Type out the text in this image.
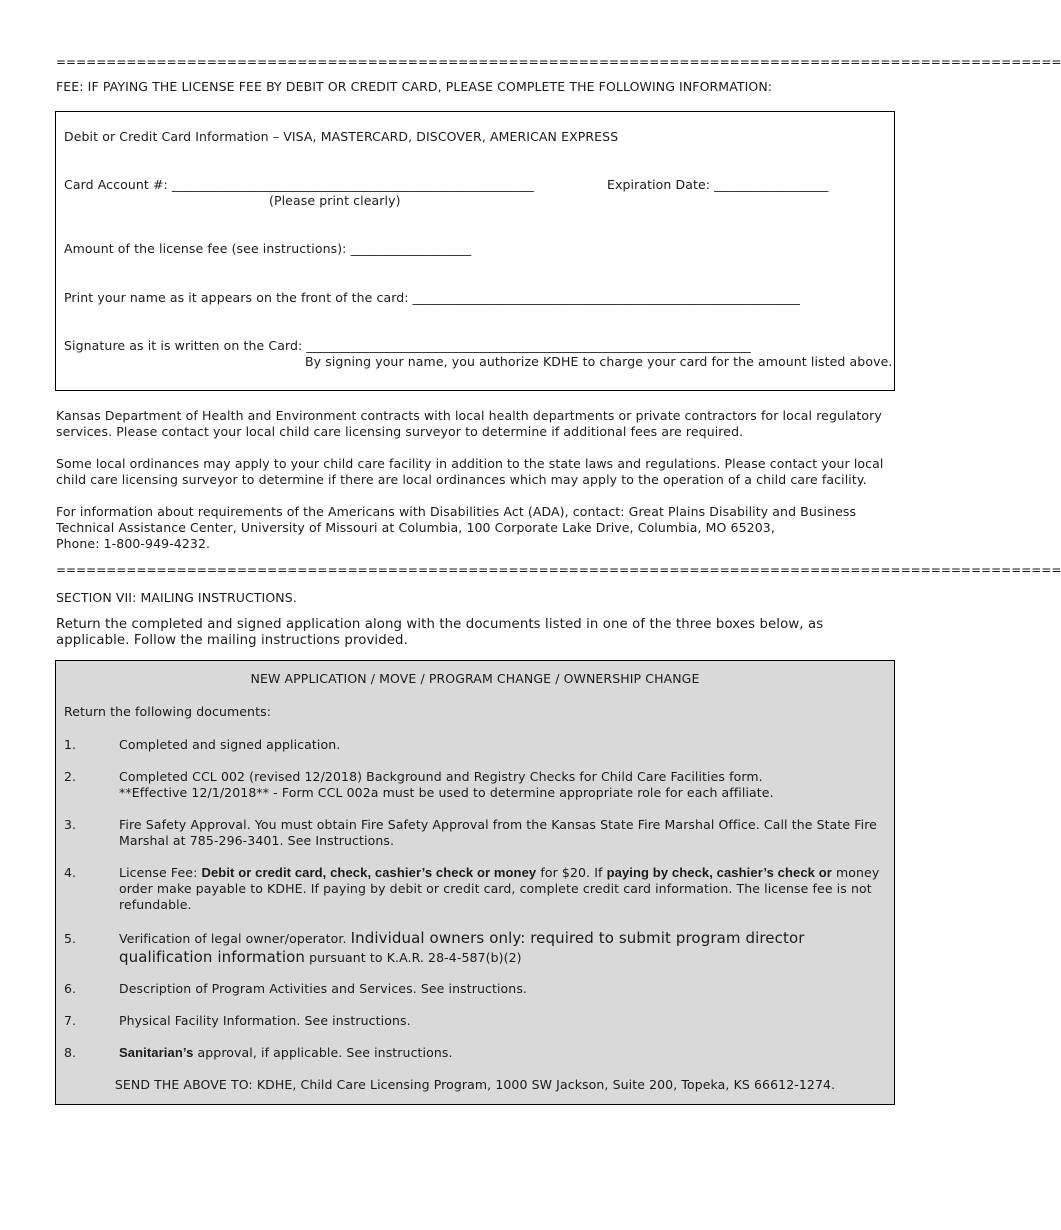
====================================================================================================
FEE: IF PAYING THE LICENSE FEE BY DEBIT OR CREDIT CARD, PLEASE COMPLETE THE FOLLOWING INFORMATION:
Debit or Credit Card Information – VISA, MASTERCARD, DISCOVER, AMERICAN EXPRESS
Card Account #: _________________________________________________________	Expiration Date: __________________
(Please print clearly)
Amount of the license fee (see instructions): ___________________
Print your name as it appears on the front of the card: _____________________________________________________________
Signature as it is written on the Card: ______________________________________________________________________
By signing your name, you authorize KDHE to charge your card for the amount listed above.
Kansas Department of Health and Environment contracts with local health departments or private contractors for local regulatory services. Please contact your local child care licensing surveyor to determine if additional fees are required.
Some local ordinances may apply to your child care facility in addition to the state laws and regulations. Please contact your local child care licensing surveyor to determine if there are local ordinances which may apply to the operation of a child care facility.
For information about requirements of the Americans with Disabilities Act (ADA), contact: Great Plains Disability and Business
Technical Assistance Center, University of Missouri at Columbia, 100 Corporate Lake Drive, Columbia, MO 65203,
Phone: 1-800-949-4232.
====================================================================================================
SECTION VII: MAILING INSTRUCTIONS.
Return the completed and signed application along with the documents listed in one of the three boxes below, as applicable. Follow the mailing instructions provided.
NEW APPLICATION / MOVE / PROGRAM CHANGE / OWNERSHIP CHANGE
Return the following documents:
1.	Completed and signed application.
2.	Completed CCL 002 (revised 12/2018) Background and Registry Checks for Child Care Facilities form.
**Effective 12/1/2018** - Form CCL 002a must be used to determine appropriate role for each affiliate.
3.	Fire Safety Approval. You must obtain Fire Safety Approval from the Kansas State Fire Marshal Office. Call the State Fire Marshal at 785-296-3401. See Instructions.
4.	License Fee: Debit or credit card, check, cashier’s check or money for $20. If paying by check, cashier’s check or money order make payable to KDHE. If paying by debit or credit card, complete credit card information. The license fee is not refundable.
5.	Verification of legal owner/operator. Individual owners only: required to submit program director qualification information pursuant to K.A.R. 28-4-587(b)(2)
6.	Description of Program Activities and Services. See instructions.
7.	Physical Facility Information. See instructions.
8.	Sanitarian’s approval, if applicable. See instructions.
SEND THE ABOVE TO: KDHE, Child Care Licensing Program, 1000 SW Jackson, Suite 200, Topeka, KS 66612-1274.
